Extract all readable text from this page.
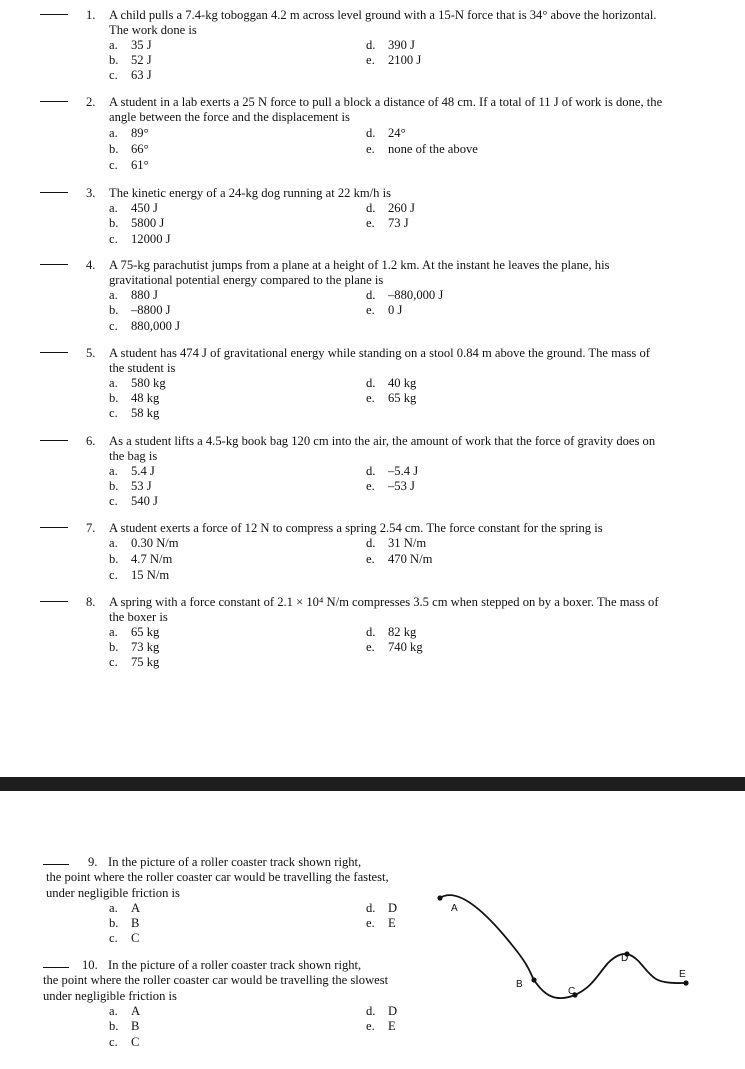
1. A child pulls a 7.4-kg toboggan 4.2 m across level ground with a 15-N force that is 34° above the horizontal.
The work done is
a. 35 J
b. 52 J
c. 63 J
d. 390 J
e. 2100 J
2. A student in a lab exerts a 25 N force to pull a block a distance of 48 cm. If a total of 11 J of work is done, the
angle between the force and the displacement is
a. 89°
b. 66°
c. 61°
d. 24°
e. none of the above
3. The kinetic energy of a 24-kg dog running at 22 km/h is
a. 450 J
b. 5800 J
c. 12000 J
d. 260 J
e. 73 J
4. A 75-kg parachutist jumps from a plane at a height of 1.2 km. At the instant he leaves the plane, his
gravitational potential energy compared to the plane is
a. 880 J
b. –8800 J
c. 880,000 J
d. –880,000 J
e. 0 J
5. A student has 474 J of gravitational energy while standing on a stool 0.84 m above the ground. The mass of
the student is
a. 580 kg
b. 48 kg
c. 58 kg
d. 40 kg
e. 65 kg
6. As a student lifts a 4.5-kg book bag 120 cm into the air, the amount of work that the force of gravity does on
the bag is
a. 5.4 J
b. 53 J
c. 540 J
d. –5.4 J
e. –53 J
7. A student exerts a force of 12 N to compress a spring 2.54 cm. The force constant for the spring is
a. 0.30 N/m
b. 4.7 N/m
c. 15 N/m
d. 31 N/m
e. 470 N/m
8. A spring with a force constant of 2.1 × 10⁴ N/m compresses 3.5 cm when stepped on by a boxer. The mass of
the boxer is
a. 65 kg
b. 73 kg
c. 75 kg
d. 82 kg
e. 740 kg
9. In the picture of a roller coaster track shown right,
the point where the roller coaster car would be travelling the fastest,
under negligible friction is
a. A
b. B
c. C
d. D
e. E
10. In the picture of a roller coaster track shown right,
the point where the roller coaster car would be travelling the slowest
under negligible friction is
a. A
b. B
c. C
d. D
e. E
A
B
C
D
E
